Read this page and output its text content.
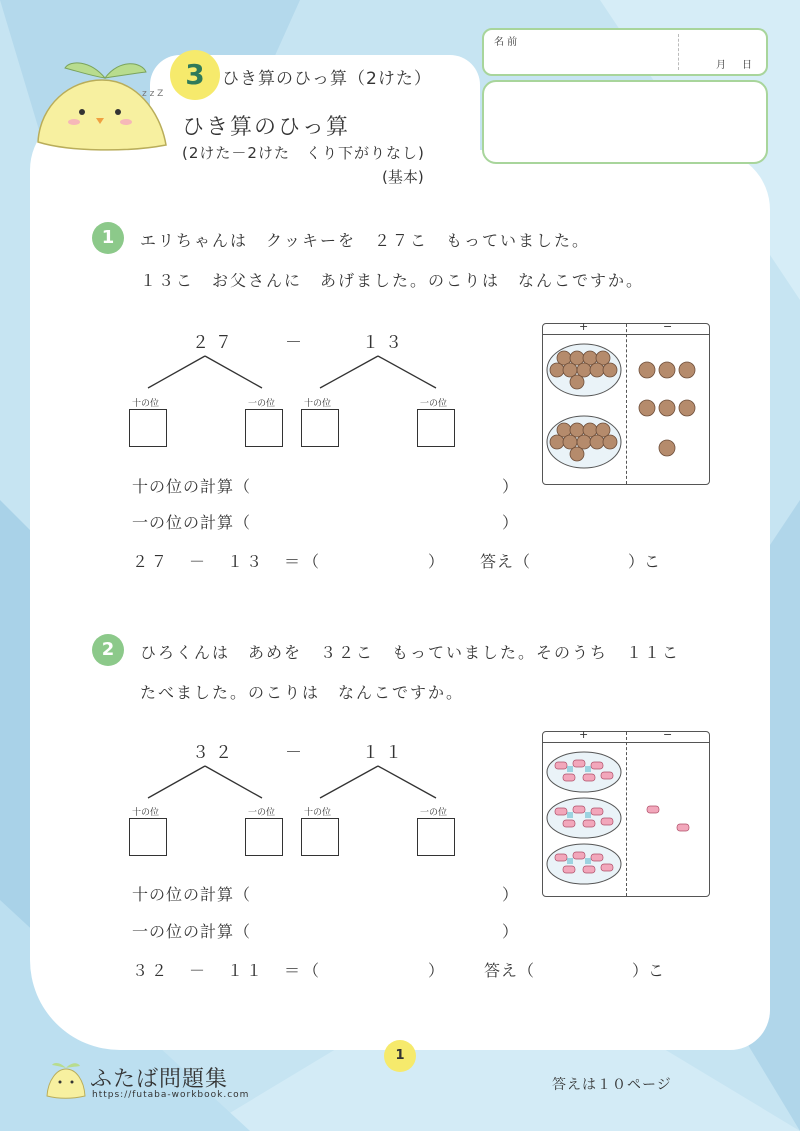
z z Z
3	ひき算のひっ算（2けた）
ひき算のひっ算
(2けた－2けた　くり下がりなし)
(基本)
名 前
月 日
1	エリちゃんは　クッキーを　２７こ　もっていました。
１３こ　お父さんに　あげました。のこりは　なんこですか。
２７	－	１３
十の位	一の位	十の位	一の位
+	−
十の位の計算（	）
一の位の計算（	）
２７　－　１３　＝（	） 答え（	）こ
2	ひろくんは　あめを　３２こ　もっていました。そのうち　１１こ
たべました。のこりは　なんこですか。
３２	－	１１
十の位	一の位	十の位	一の位
+	−
十の位の計算（	）
一の位の計算（	）
３２　－　１１　＝（	） 答え（	）こ
1
ふたば問題集
https://futaba-workbook.com
答えは１０ページ
